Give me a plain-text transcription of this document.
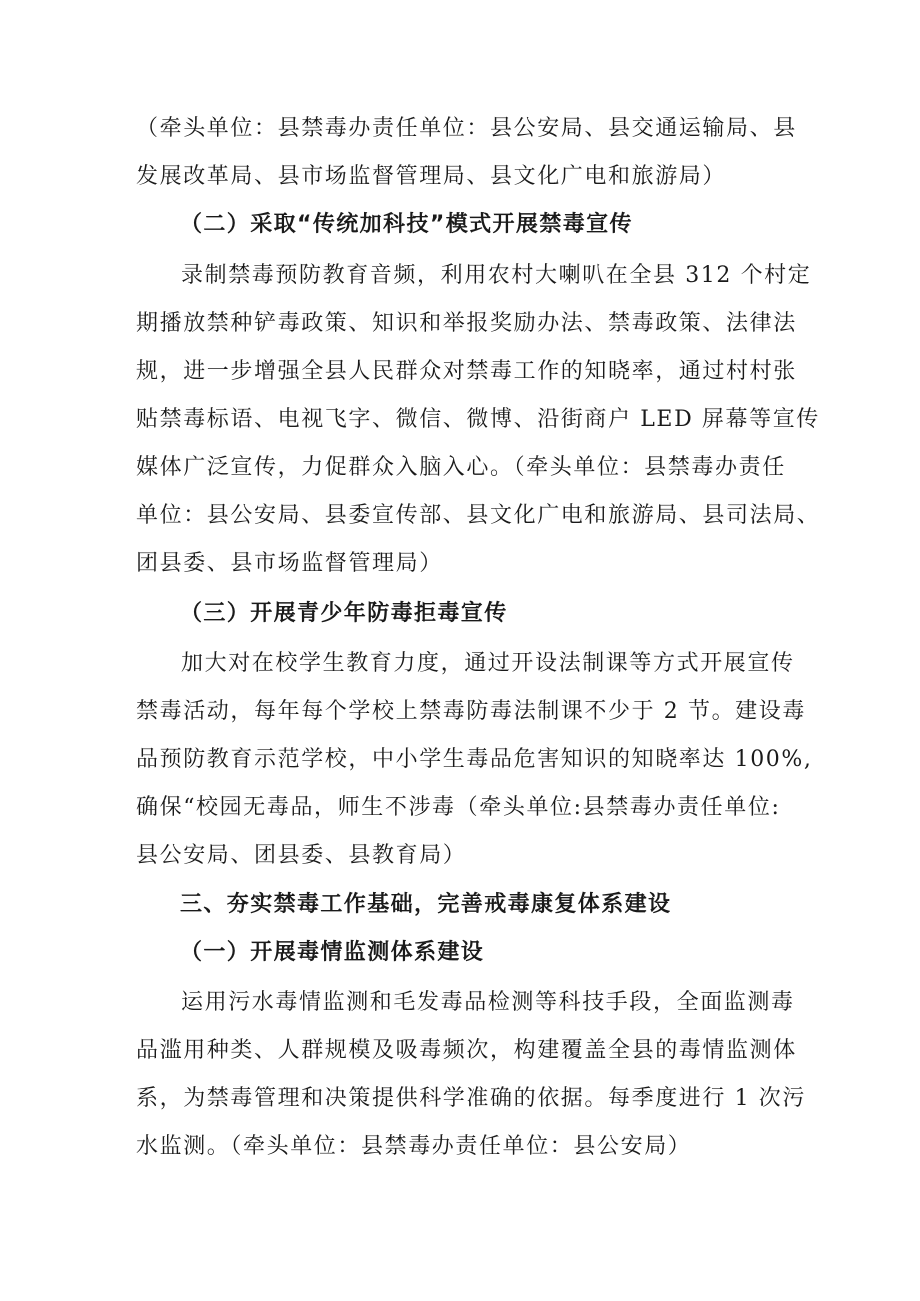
（牵头单位：县禁毒办责任单位：县公安局、县交通运输局、县
发展改革局、县市场监督管理局、县文化广电和旅游局）
（二）采取“传统加科技”模式开展禁毒宣传
录制禁毒预防教育音频，利用农村大喇叭在全县 312 个村定
期播放禁种铲毒政策、知识和举报奖励办法、禁毒政策、法律法
规，进一步增强全县人民群众对禁毒工作的知晓率，通过村村张
贴禁毒标语、电视飞字、微信、微博、沿街商户 LED 屏幕等宣传
媒体广泛宣传，力促群众入脑入心。（牵头单位：县禁毒办责任
单位：县公安局、县委宣传部、县文化广电和旅游局、县司法局、
团县委、县市场监督管理局）
（三）开展青少年防毒拒毒宣传
加大对在校学生教育力度，通过开设法制课等方式开展宣传
禁毒活动，每年每个学校上禁毒防毒法制课不少于 2 节。建设毒
品预防教育示范学校，中小学生毒品危害知识的知晓率达 100%,
确保“校园无毒品，师生不涉毒（牵头单位:县禁毒办责任单位:
县公安局、团县委、县教育局）
三、夯实禁毒工作基础，完善戒毒康复体系建设
（一）开展毒情监测体系建设
运用污水毒情监测和毛发毒品检测等科技手段，全面监测毒
品滥用种类、人群规模及吸毒频次，构建覆盖全县的毒情监测体
系，为禁毒管理和决策提供科学准确的依据。每季度进行 1 次污
水监测。（牵头单位：县禁毒办责任单位：县公安局）
